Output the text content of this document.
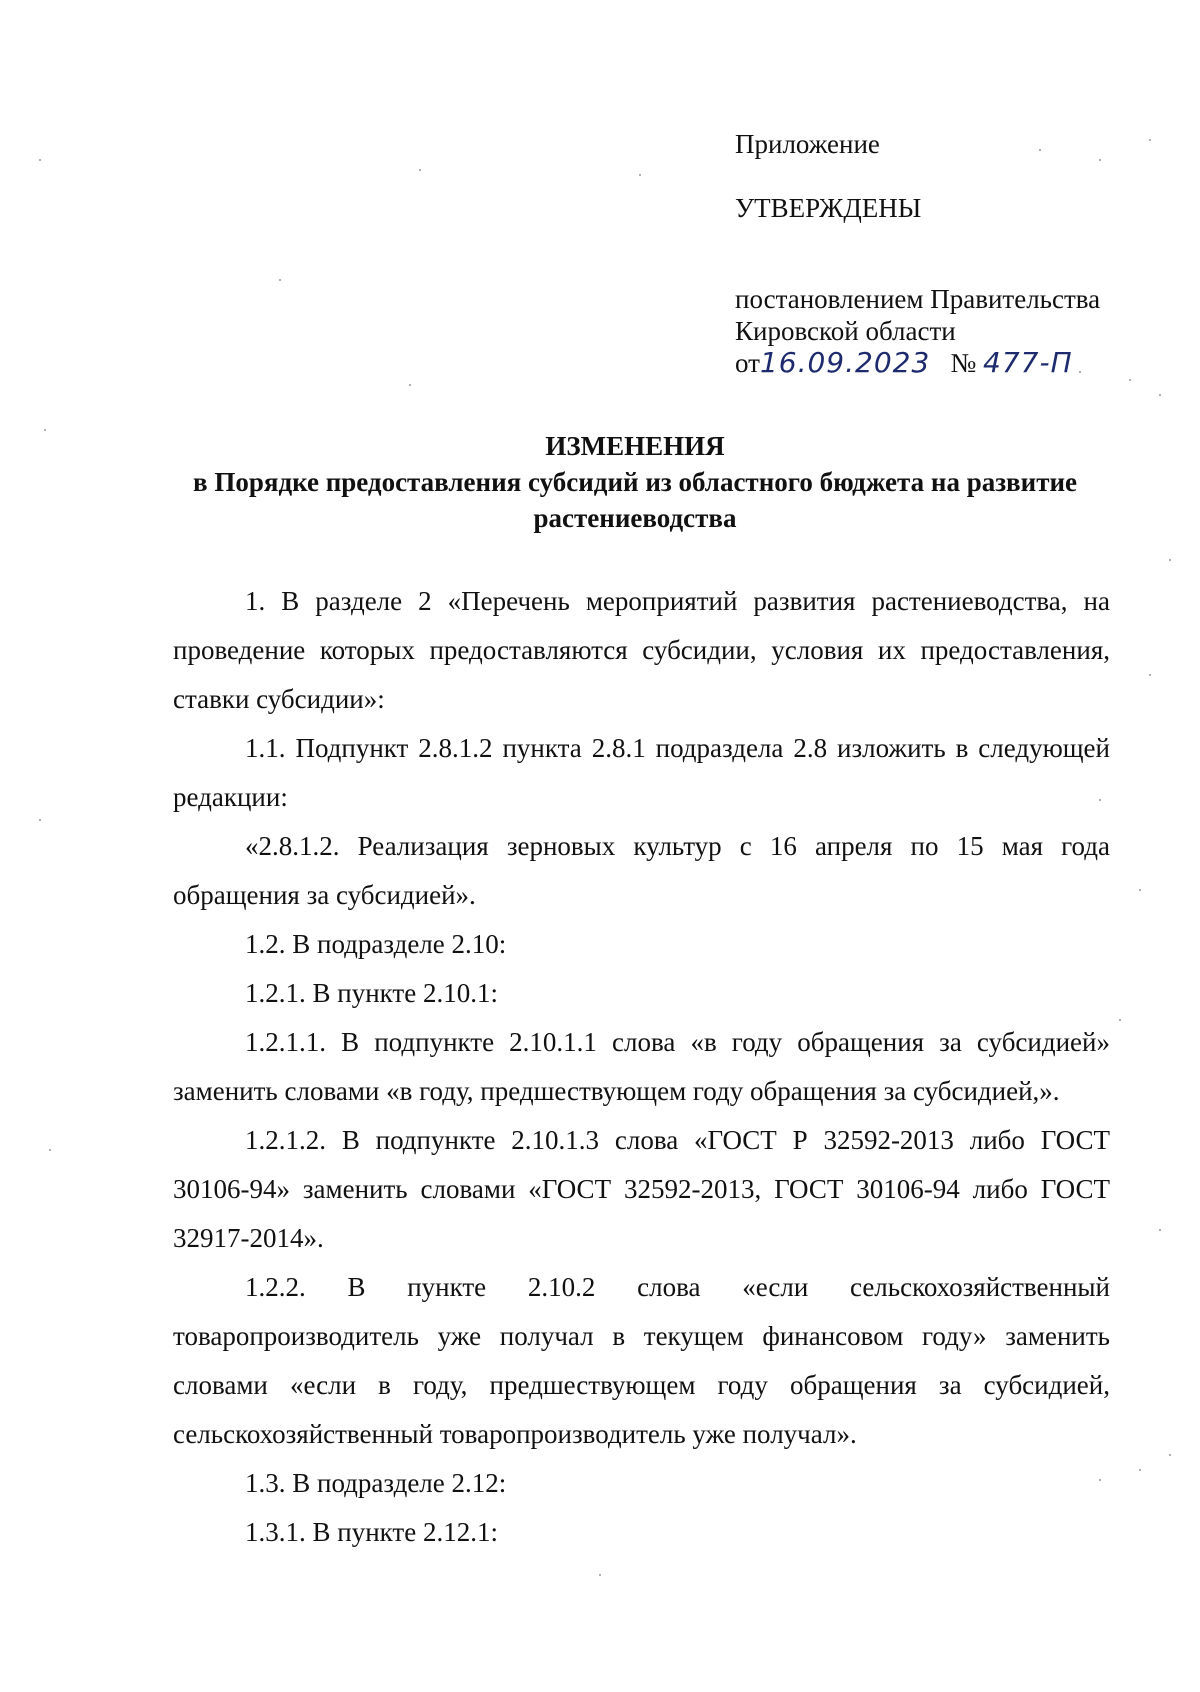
Приложение
УТВЕРЖДЕНЫ
постановлением Правительства
Кировской области
от16.09.2023 № 477-П
ИЗМЕНЕНИЯ
в Порядке предоставления субсидий из областного бюджета на развитие
растениеводства

1. В разделе 2 «Перечень мероприятий развития растениеводства, на проведение которых предоставляются субсидии, условия их предоставления, ставки субсидии»:

1.1. Подпункт 2.8.1.2 пункта 2.8.1 подраздела 2.8 изложить в следующей редакции:

«2.8.1.2. Реализация зерновых культур с 16 апреля по 15 мая года обращения за субсидией».

1.2. В подразделе 2.10:

1.2.1. В пункте 2.10.1:

1.2.1.1. В подпункте 2.10.1.1 слова «в году обращения за субсидией» заменить словами «в году, предшествующем году обращения за субсидией,».

1.2.1.2. В подпункте 2.10.1.3 слова «ГОСТ Р 32592-2013 либо ГОСТ 30106-94» заменить словами «ГОСТ 32592-2013, ГОСТ 30106-94 либо ГОСТ 32917-2014».

1.2.2. В пункте 2.10.2 слова «если сельскохозяйственный товаропроизводитель уже получал в текущем финансовом году» заменить словами «если в году, предшествующем году обращения за субсидией, сельскохозяйственный товаропроизводитель уже получал».

1.3. В подразделе 2.12:

1.3.1. В пункте 2.12.1:
